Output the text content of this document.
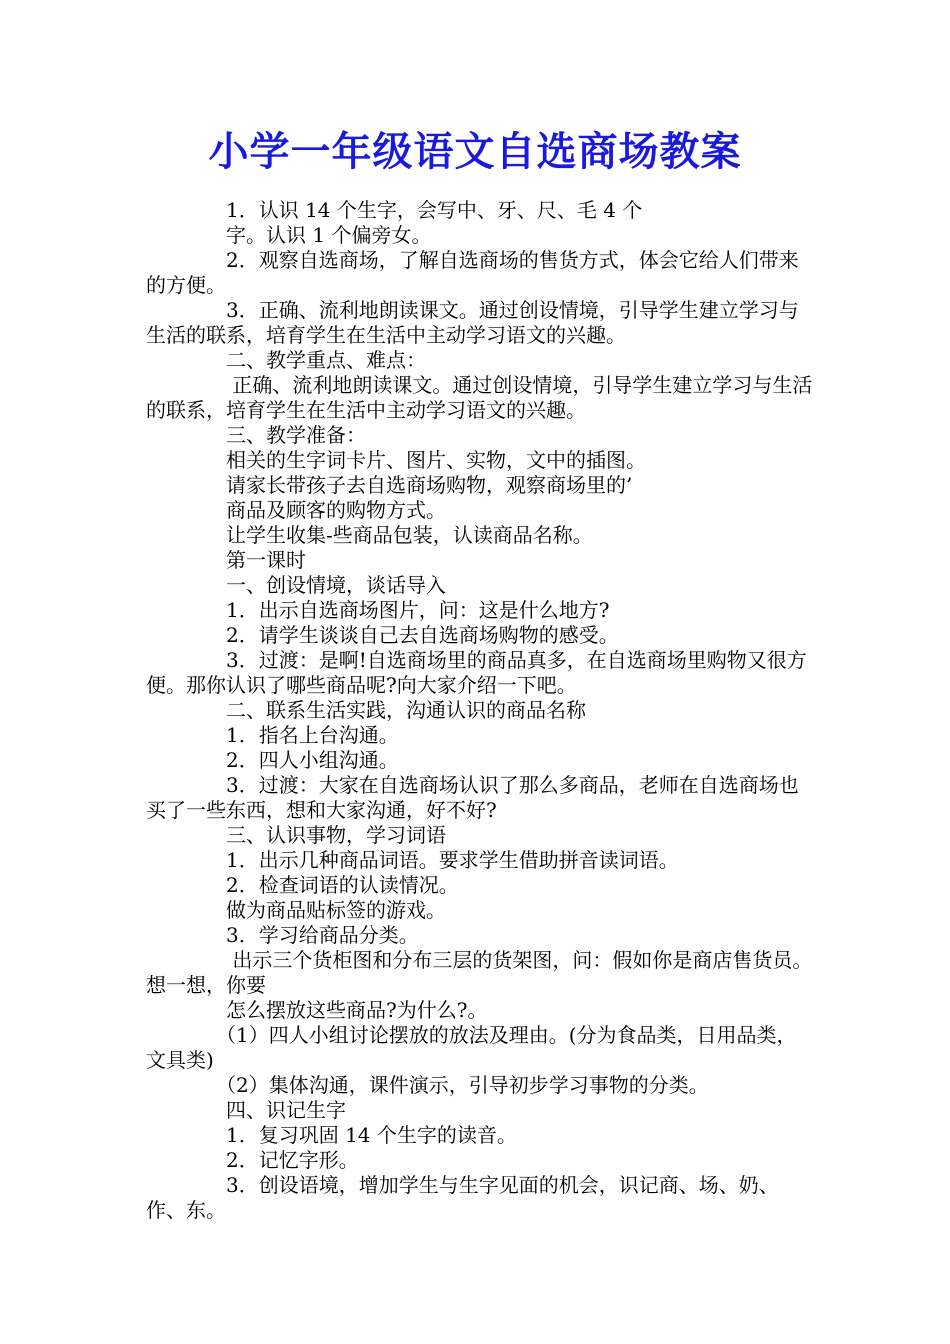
小学一年级语文自选商场教案

　　　　1．认识 14 个生字，会写中、牙、尺、毛 4 个

　　　　字。认识 1 个偏旁女。

　　　　2．观察自选商场，了解自选商场的售货方式，体会它给人们带来的方便。

　　　　3．正确、流利地朗读课文。通过创设情境，引导学生建立学习与生活的联系，培育学生在生活中主动学习语文的兴趣。

　　　　二、教学重点、难点：

　　　　 正确、流利地朗读课文。通过创设情境，引导学生建立学习与生活的联系，培育学生在生活中主动学习语文的兴趣。

　　　　三、教学准备：

　　　　相关的生字词卡片、图片、实物，文中的插图。

　　　　请家长带孩子去自选商场购物，观察商场里的’

　　　　商品及顾客的购物方式。

　　　　让学生收集-些商品包装，认读商品名称。

　　　　第一课时

　　　　一、创设情境，谈话导入

　　　　1．出示自选商场图片，问：这是什么地方?

　　　　2．请学生谈谈自己去自选商场购物的感受。

　　　　3．过渡：是啊!自选商场里的商品真多，在自选商场里购物又很方便。那你认识了哪些商品呢?向大家介绍一下吧。

　　　　二、联系生活实践，沟通认识的商品名称

　　　　1．指名上台沟通。

　　　　2．四人小组沟通。

　　　　3．过渡：大家在自选商场认识了那么多商品，老师在自选商场也买了一些东西，想和大家沟通，好不好?

　　　　三、认识事物，学习词语

　　　　1．出示几种商品词语。要求学生借助拼音读词语。

　　　　2．检查词语的认读情况。

　　　　做为商品贴标签的游戏。

　　　　3．学习给商品分类。

　　　　 出示三个货柜图和分布三层的货架图，问：假如你是商店售货员。想一想，你要

　　　　怎么摆放这些商品?为什么?。

　　　　（1）四人小组讨论摆放的放法及理由。(分为食品类，日用品类，文具类)

　　　　（2）集体沟通，课件演示，引导初步学习事物的分类。

　　　　四、识记生字

　　　　1．复习巩固 14 个生字的读音。

　　　　2．记忆字形。

　　　　3．创设语境，增加学生与生字见面的机会，识记商、场、奶、作、东。
